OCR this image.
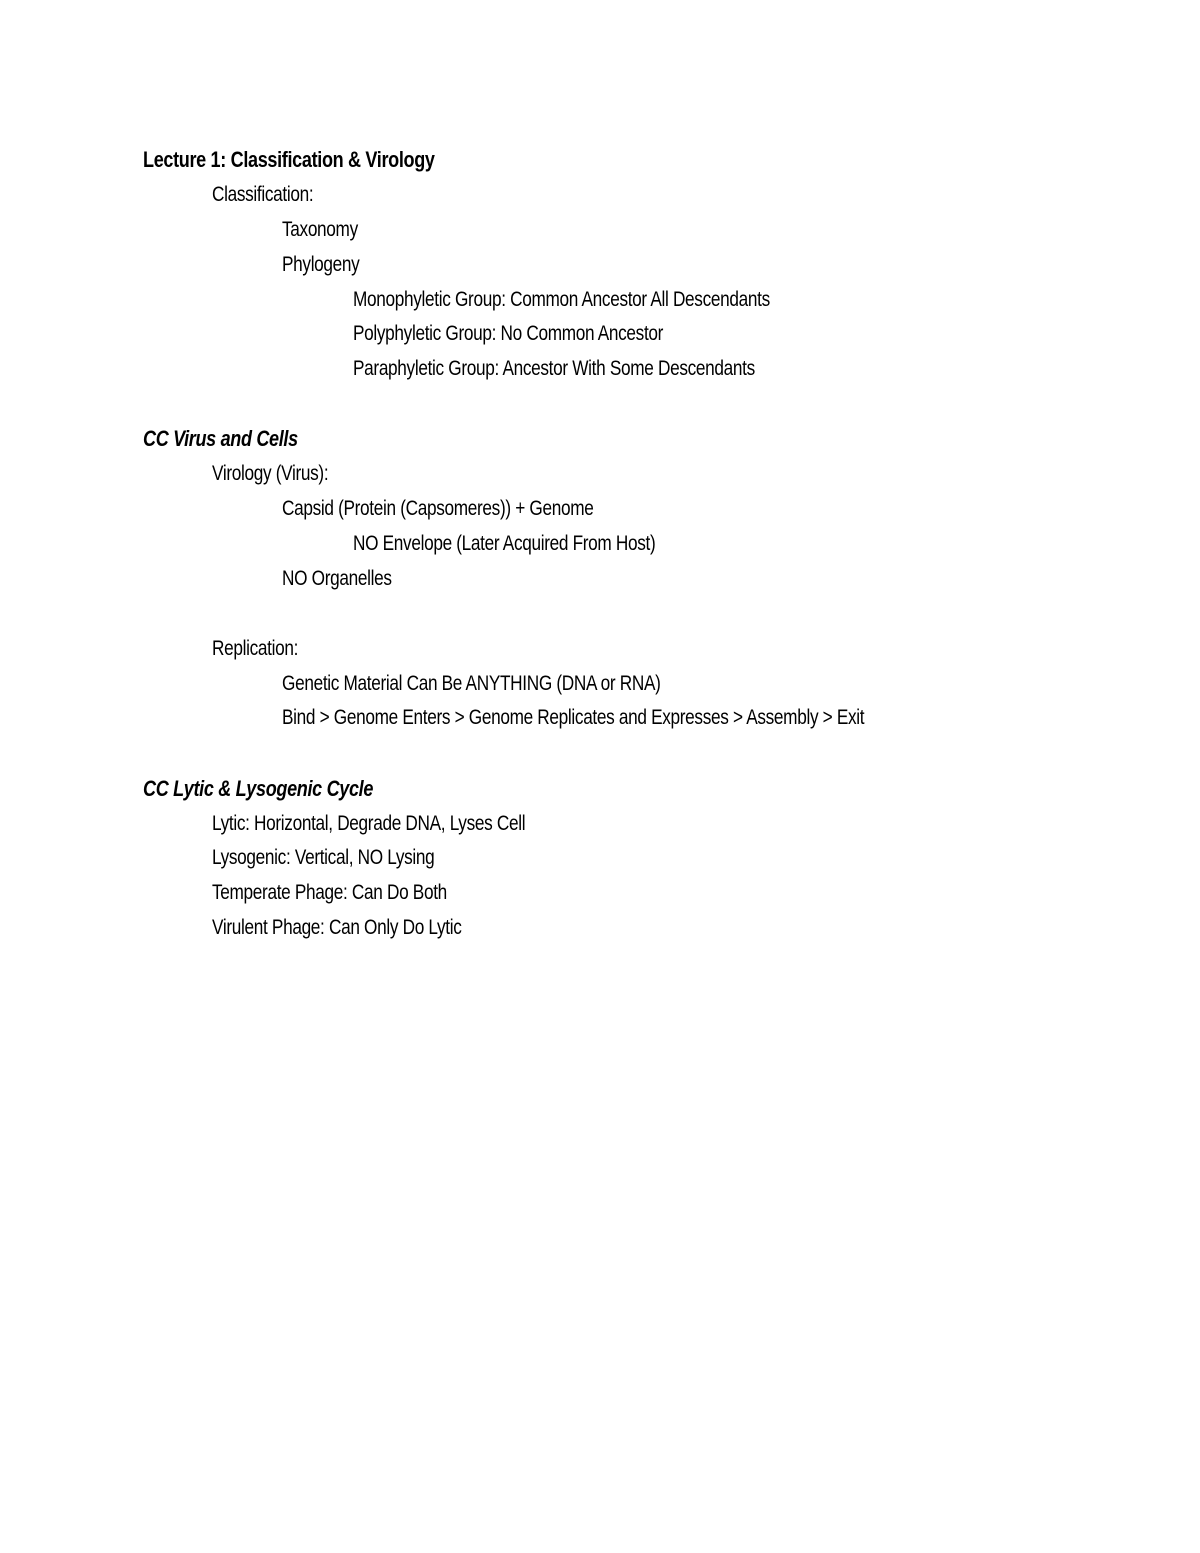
Lecture 1: Classification & Virology
Classification:
Taxonomy
Phylogeny
Monophyletic Group: Common Ancestor All Descendants
Polyphyletic Group: No Common Ancestor
Paraphyletic Group: Ancestor With Some Descendants
CC Virus and Cells
Virology (Virus):
Capsid (Protein (Capsomeres)) + Genome
NO Envelope (Later Acquired From Host)
NO Organelles
Replication:
Genetic Material Can Be ANYTHING (DNA or RNA)
Bind > Genome Enters > Genome Replicates and Expresses > Assembly > Exit
CC Lytic & Lysogenic Cycle
Lytic: Horizontal, Degrade DNA, Lyses Cell
Lysogenic: Vertical, NO Lysing
Temperate Phage: Can Do Both
Virulent Phage: Can Only Do Lytic
